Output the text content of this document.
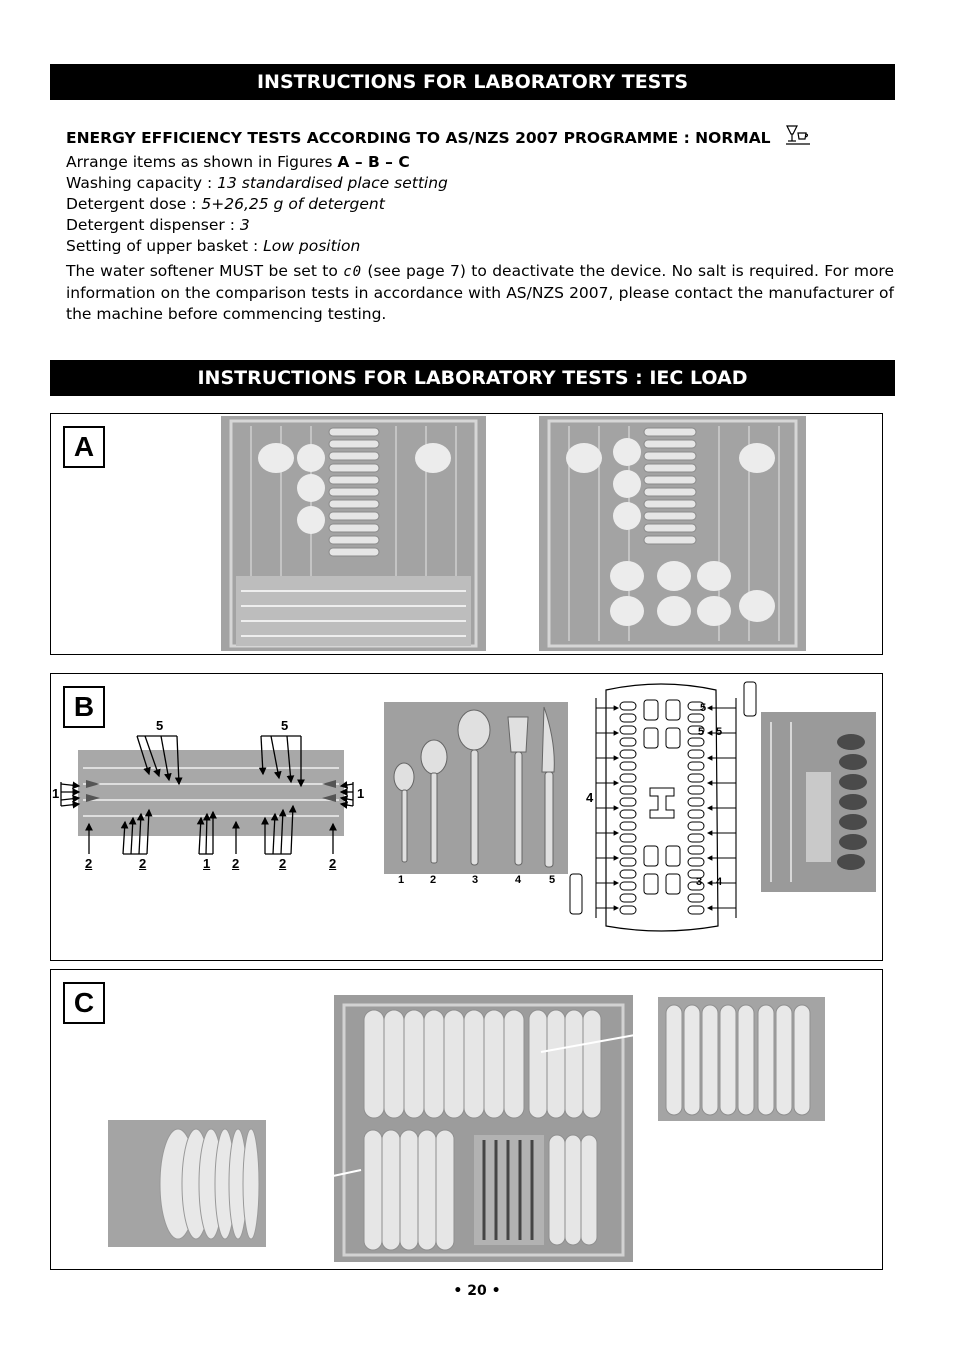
INSTRUCTIONS FOR LABORATORY TESTS
ENERGY EFFICIENCY TESTS ACCORDING TO AS/NZS 2007 PROGRAMME : NORMAL

Arrange items as shown in Figures A – B – C

Washing capacity : 13 standardised place setting

Detergent dose : 5+26,25 g of detergent

Detergent dispenser : 3

Setting of upper basket : Low position

The water softener MUST be set to c0 (see page 7) to deactivate the device. No salt is required. For more information on the comparison tests in accordance with AS/NZS 2007, please contact the manufacturer of the machine before commencing testing.

INSTRUCTIONS FOR LABORATORY TESTS : IEC LOAD
A
B
5	5
1	1
2	2	1 2	2	2
1 2	3	4	5
5
5 5
4
3 4
C
• 20 •
